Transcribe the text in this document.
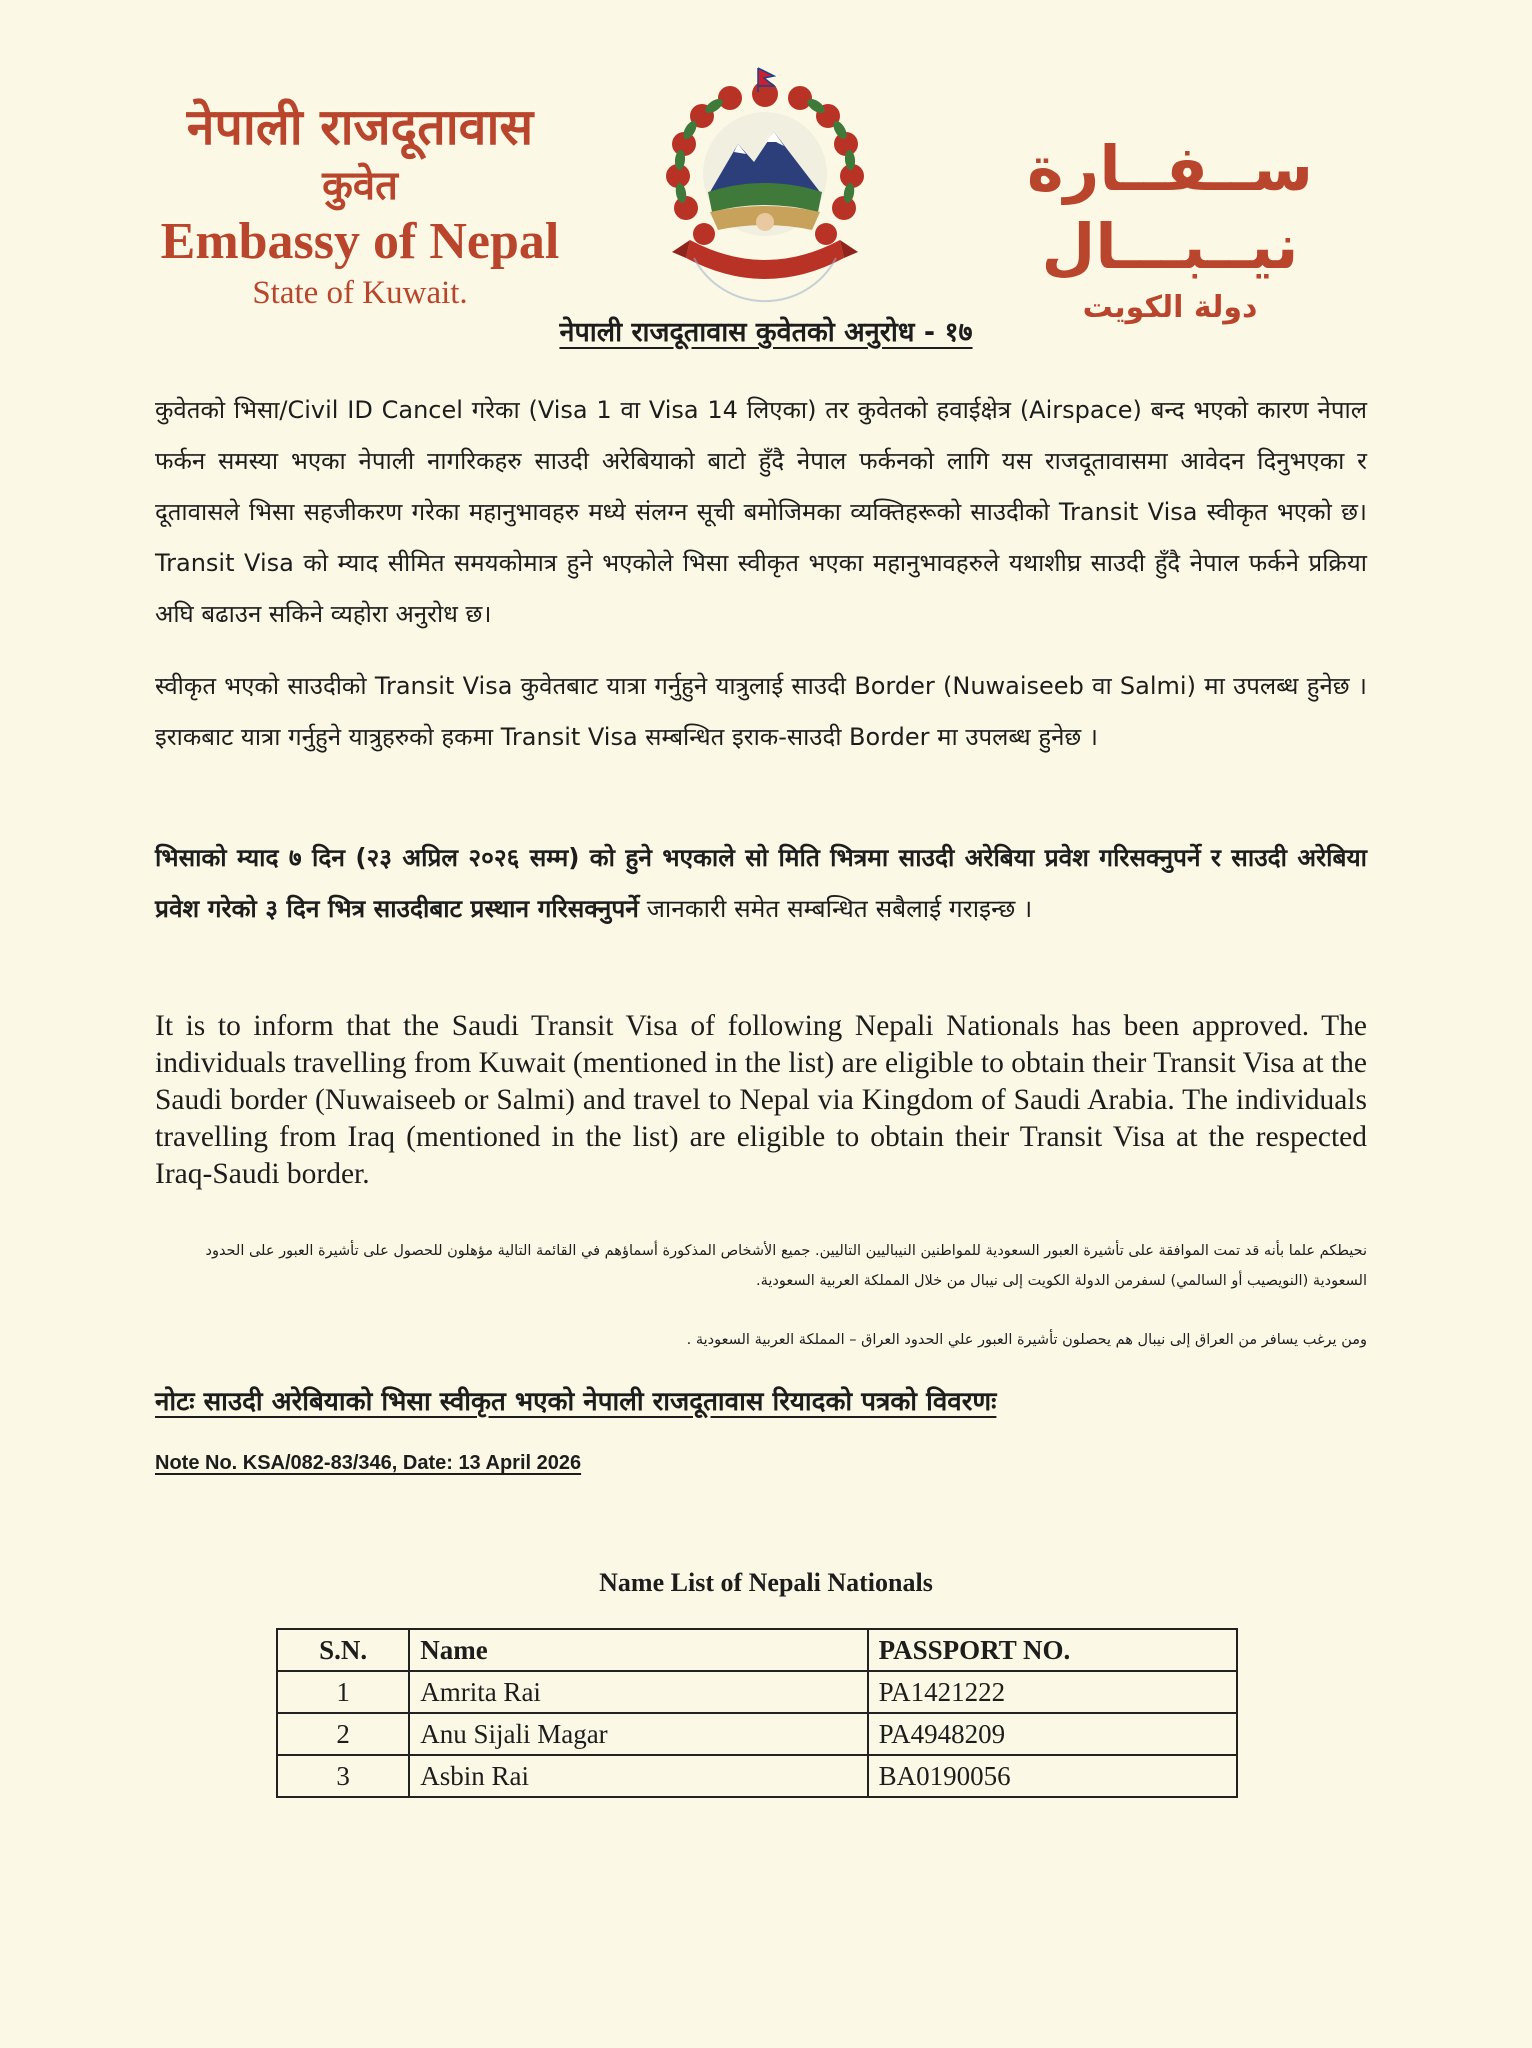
नेपाली राजदूतावास
कुवेत
Embassy of Nepal
State of Kuwait.
ســفــارة نيــبـــال
دولة الكويت
नेपाली राजदूतावास कुवेतको अनुरोध - १७
कुवेतको भिसा/Civil ID Cancel गरेका (Visa 1 वा Visa 14 लिएका) तर कुवेतको हवाईक्षेत्र (Airspace) बन्द भएको कारण नेपाल फर्कन समस्या भएका नेपाली नागरिकहरु साउदी अरेबियाको बाटो हुँदै नेपाल फर्कनको लागि यस राजदूतावासमा आवेदन दिनुभएका र दूतावासले भिसा सहजीकरण गरेका महानुभावहरु मध्ये संलग्न सूची बमोजिमका व्यक्तिहरूको साउदीको Transit Visa स्वीकृत भएको छ। Transit Visa को म्याद सीमित समयकोमात्र हुने भएकोले भिसा स्वीकृत भएका महानुभावहरुले यथाशीघ्र साउदी हुँदै नेपाल फर्कने प्रक्रिया अघि बढाउन सकिने व्यहोरा अनुरोध छ।
स्वीकृत भएको साउदीको Transit Visa कुवेतबाट यात्रा गर्नुहुने यात्रुलाई साउदी Border (Nuwaiseeb वा Salmi) मा उपलब्ध हुनेछ । इराकबाट यात्रा गर्नुहुने यात्रुहरुको हकमा Transit Visa सम्बन्धित इराक-साउदी Border मा उपलब्ध हुनेछ ।
भिसाको म्याद ७ दिन (२३ अप्रिल २०२६ सम्म) को हुने भएकाले सो मिति भित्रमा साउदी अरेबिया प्रवेश गरिसक्नुपर्ने र साउदी अरेबिया प्रवेश गरेको ३ दिन भित्र साउदीबाट प्रस्थान गरिसक्नुपर्ने जानकारी समेत सम्बन्धित सबैलाई गराइन्छ ।
It is to inform that the Saudi Transit Visa of following Nepali Nationals has been approved. The individuals travelling from Kuwait (mentioned in the list) are eligible to obtain their Transit Visa at the Saudi border (Nuwaiseeb or Salmi) and travel to Nepal via Kingdom of Saudi Arabia. The individuals travelling from Iraq (mentioned in the list) are eligible to obtain their Transit Visa at the respected Iraq-Saudi border.
نحيطكم علما بأنه قد تمت الموافقة على تأشيرة العبور السعودية للمواطنين النيباليين التاليين. جميع الأشخاص المذكورة أسماؤهم في القائمة التالية مؤهلون للحصول على تأشيرة العبور على الحدود السعودية (النويصيب أو السالمي) لسفرمن الدولة الكويت إلى نيبال من خلال المملكة العربية السعودية.
ومن يرغب يسافر من العراق إلى نيبال هم يحصلون تأشيرة العبور علي الحدود العراق – المملكة العربية السعودية .
नोटः साउदी अरेबियाको भिसा स्वीकृत भएको नेपाली राजदूतावास रियादको पत्रको विवरणः
Note No. KSA/082-83/346, Date: 13 April 2026
Name List of Nepali Nationals
S.N.	Name	PASSPORT NO.
1	Amrita Rai	PA1421222
2	Anu Sijali Magar	PA4948209
3	Asbin Rai	BA0190056
